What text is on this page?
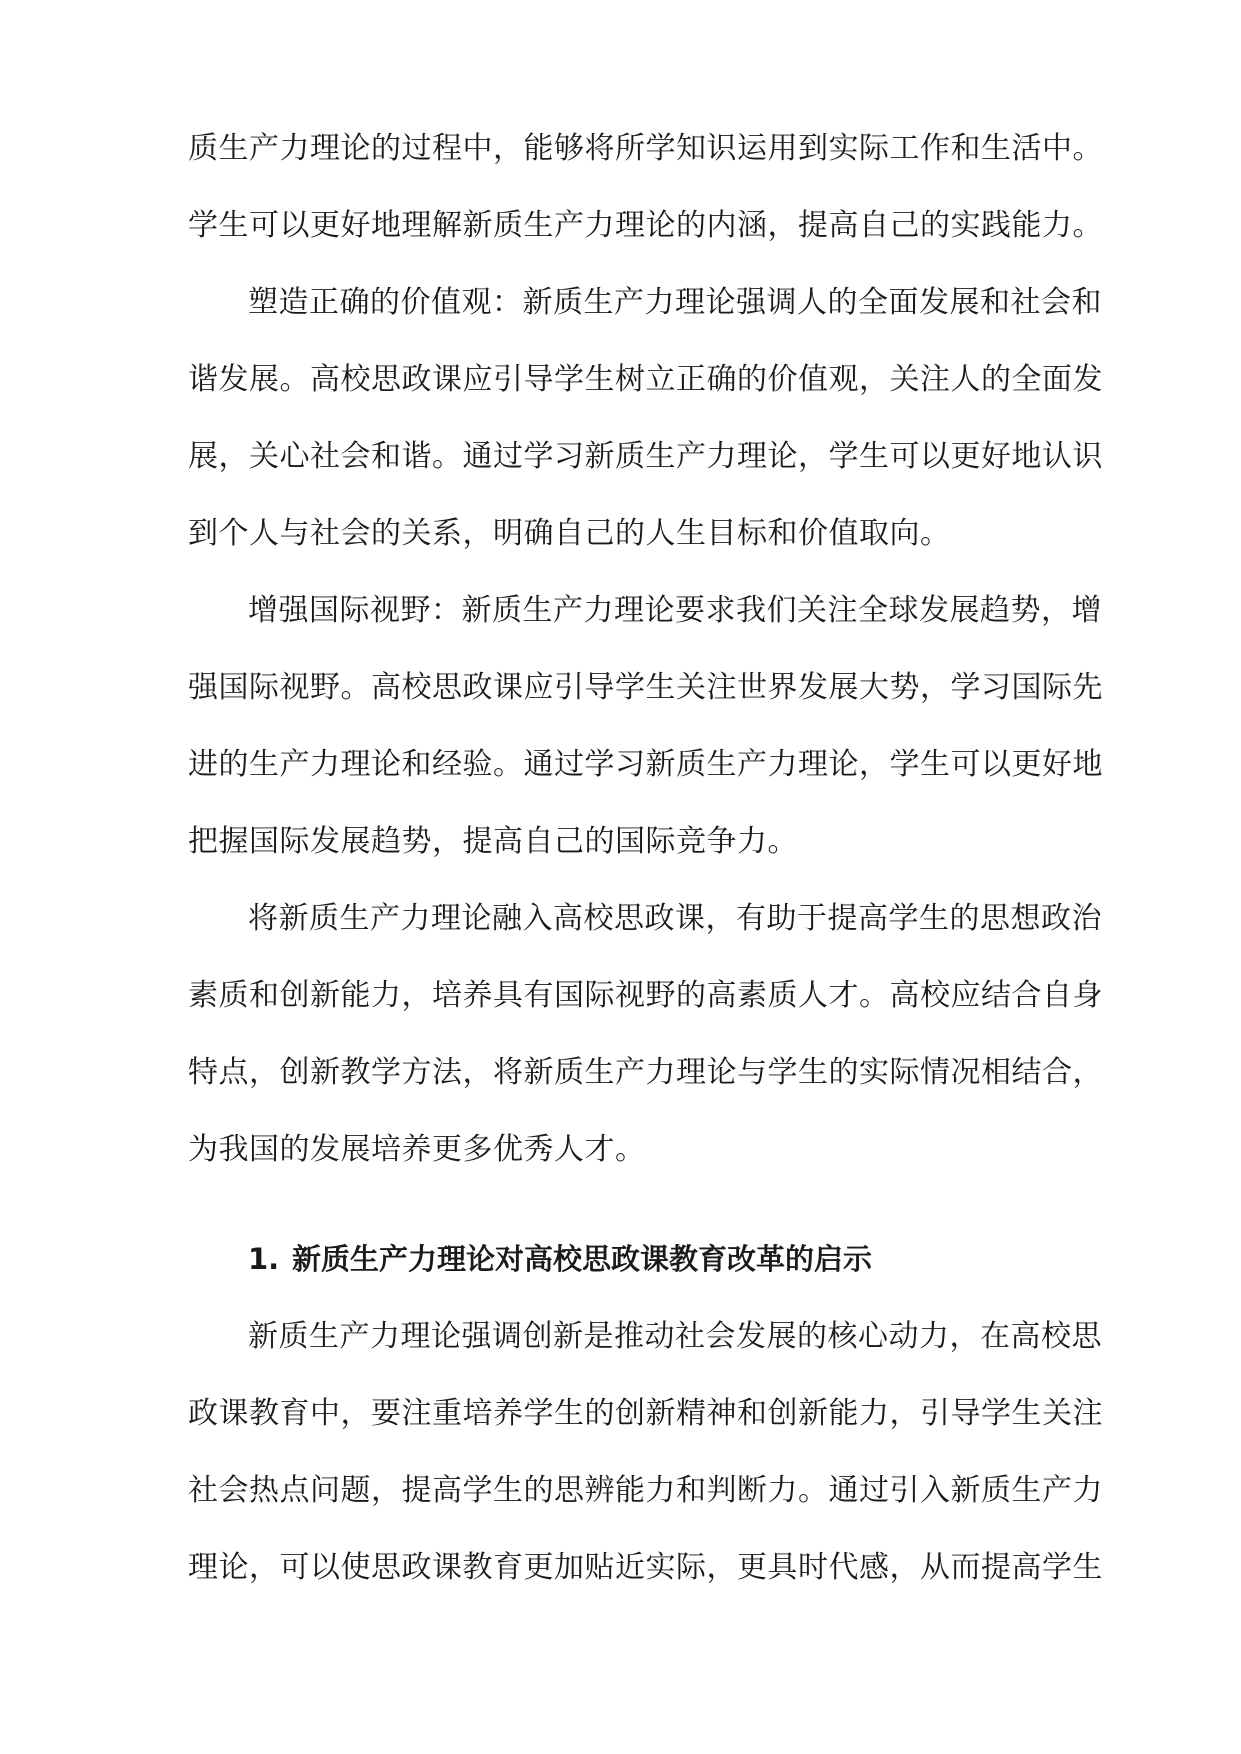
质生产力理论的过程中，能够将所学知识运用到实际工作和生活中。
学生可以更好地理解新质生产力理论的内涵，提高自己的实践能力。
塑造正确的价值观：新质生产力理论强调人的全面发展和社会和
谐发展。高校思政课应引导学生树立正确的价值观，关注人的全面发
展，关心社会和谐。通过学习新质生产力理论，学生可以更好地认识
到个人与社会的关系，明确自己的人生目标和价值取向。
增强国际视野：新质生产力理论要求我们关注全球发展趋势，增
强国际视野。高校思政课应引导学生关注世界发展大势，学习国际先
进的生产力理论和经验。通过学习新质生产力理论，学生可以更好地
把握国际发展趋势，提高自己的国际竞争力。
将新质生产力理论融入高校思政课，有助于提高学生的思想政治
素质和创新能力，培养具有国际视野的高素质人才。高校应结合自身
特点，创新教学方法，将新质生产力理论与学生的实际情况相结合，
为我国的发展培养更多优秀人才。
1. 新质生产力理论对高校思政课教育改革的启示
新质生产力理论强调创新是推动社会发展的核心动力，在高校思
政课教育中，要注重培养学生的创新精神和创新能力，引导学生关注
社会热点问题，提高学生的思辨能力和判断力。通过引入新质生产力
理论，可以使思政课教育更加贴近实际，更具时代感，从而提高学生
